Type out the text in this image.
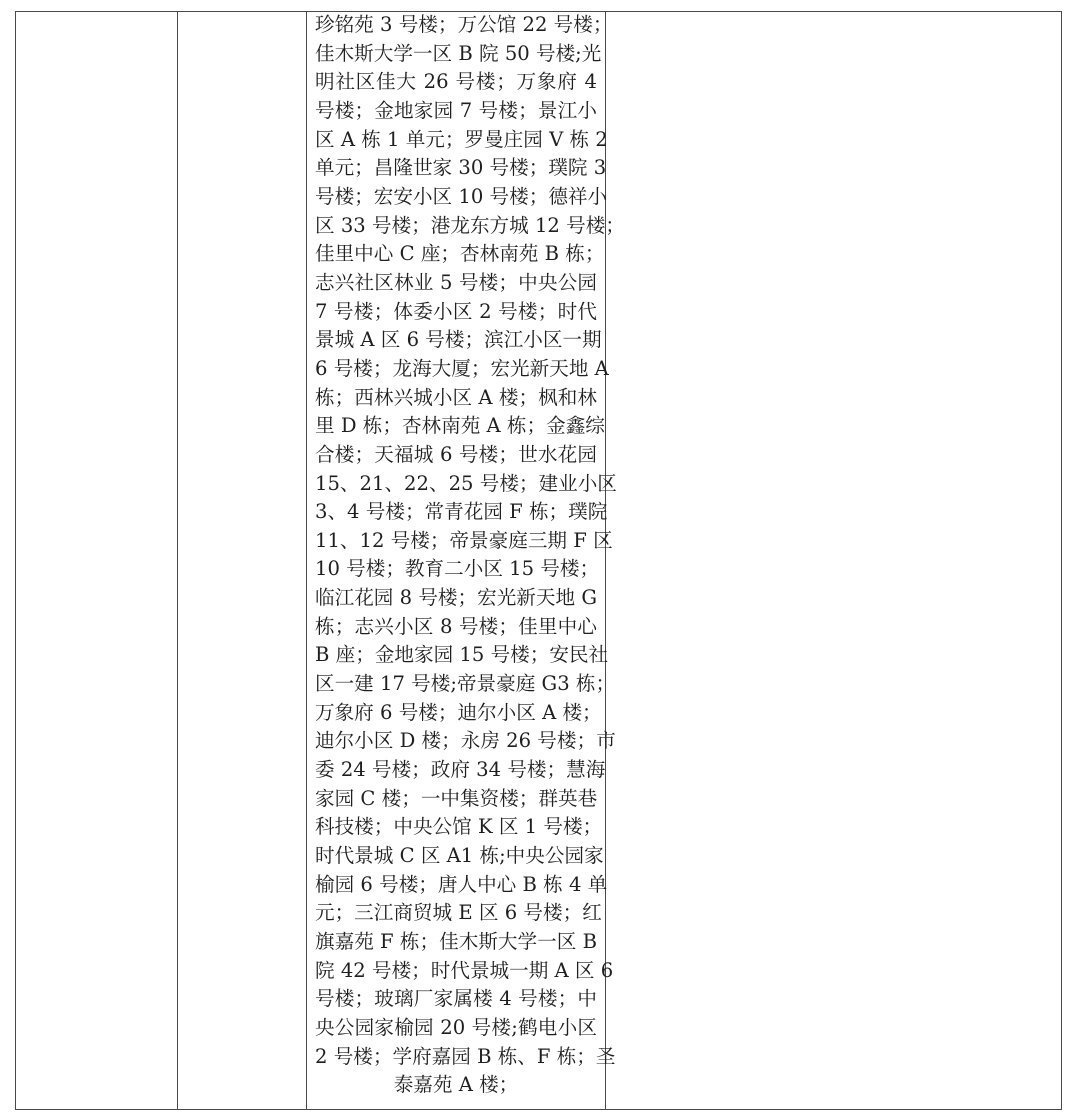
珍铭苑 3 号楼；万公馆 22 号楼；
佳木斯大学一区 B 院 50 号楼;光
明社区佳大 26 号楼；万象府 4
号楼；金地家园 7 号楼；景江小
区 A 栋 1 单元；罗曼庄园 V 栋 2
单元；昌隆世家 30 号楼；璞院 3
号楼；宏安小区 10 号楼；德祥小
区 33 号楼；港龙东方城 12 号楼；
佳里中心 C 座；杏林南苑 B 栋；
志兴社区林业 5 号楼；中央公园
7 号楼；体委小区 2 号楼；时代
景城 A 区 6 号楼；滨江小区一期
6 号楼；龙海大厦；宏光新天地 A
栋；西林兴城小区 A 楼；枫和林
里 D 栋；杏林南苑 A 栋；金鑫综
合楼；天福城 6 号楼；世水花园
15、21、22、25 号楼；建业小区
3、4 号楼；常青花园 F 栋；璞院
11、12 号楼；帝景豪庭三期 F 区
10 号楼；教育二小区 15 号楼；
临江花园 8 号楼；宏光新天地 G
栋；志兴小区 8 号楼；佳里中心
B 座；金地家园 15 号楼；安民社
区一建 17 号楼;帝景豪庭 G3 栋；
万象府 6 号楼；迪尔小区 A 楼；
迪尔小区 D 楼；永房 26 号楼；市
委 24 号楼；政府 34 号楼；慧海
家园 C 楼；一中集资楼；群英巷
科技楼；中央公馆 K 区 1 号楼；
时代景城 C 区 A1 栋;中央公园家
榆园 6 号楼；唐人中心 B 栋 4 单
元；三江商贸城 E 区 6 号楼；红
旗嘉苑 F 栋；佳木斯大学一区 B
院 42 号楼；时代景城一期 A 区 6
号楼；玻璃厂家属楼 4 号楼；中
央公园家榆园 20 号楼;鹤电小区
2 号楼；学府嘉园 B 栋、F 栋；圣
泰嘉苑 A 楼；
